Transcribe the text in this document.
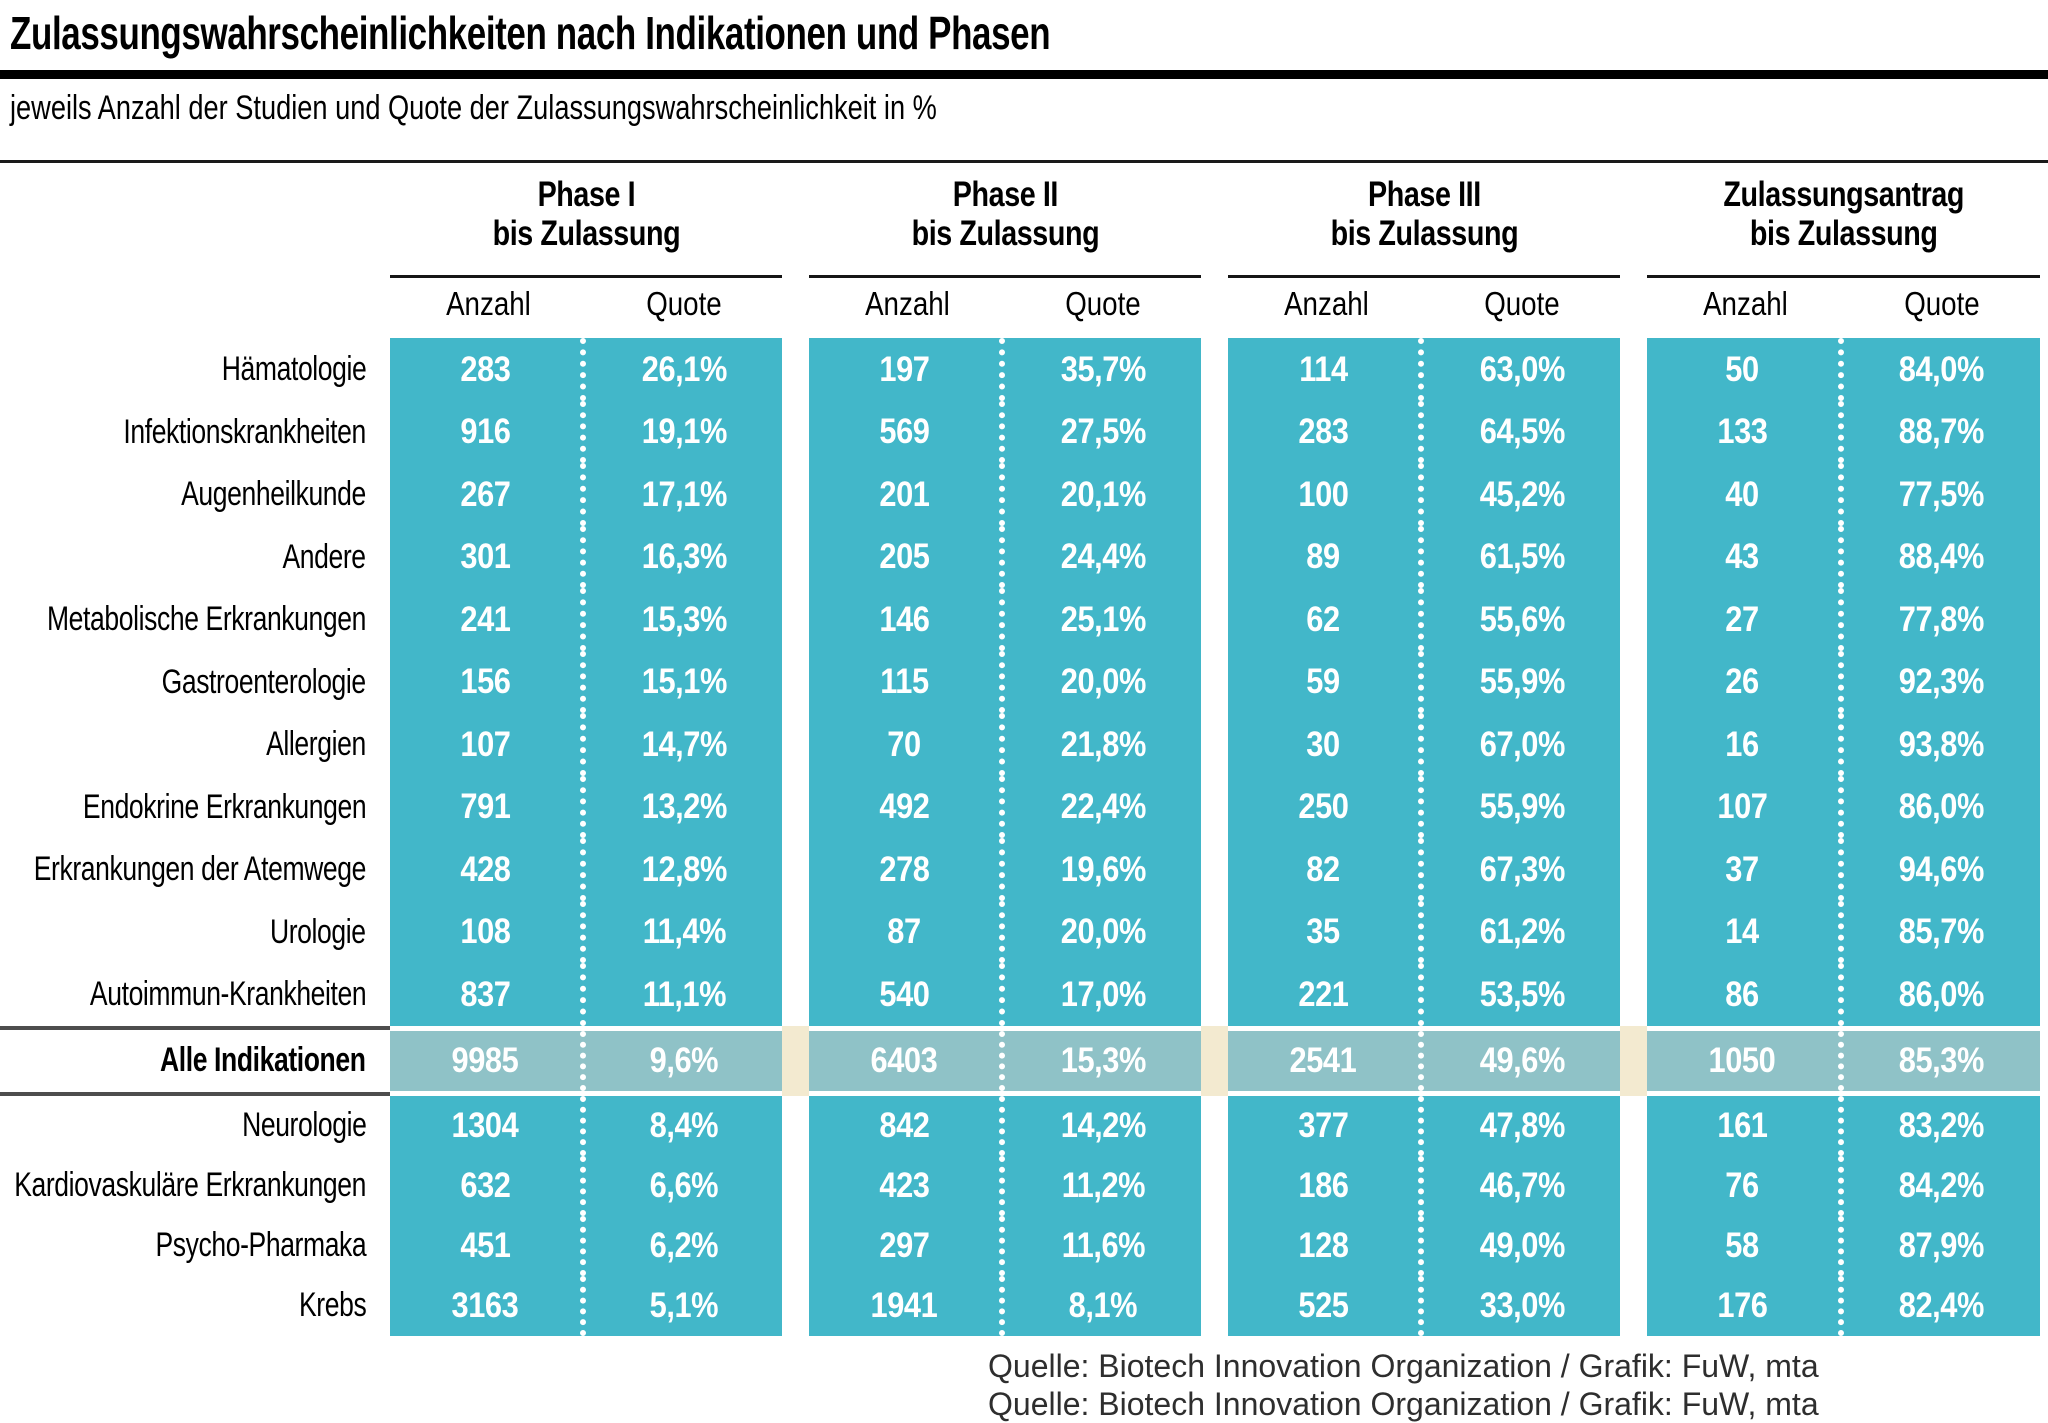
Zulassungswahrscheinlichkeiten nach Indikationen und Phasen
jeweils Anzahl der Studien und Quote der Zulassungswahrscheinlichkeit in %
Phase I
bis Zulassung
Phase II
bis Zulassung
Phase III
bis Zulassung
Zulassungsantrag
bis Zulassung
Anzahl	Quote	Anzahl	Quote	Anzahl	Quote	Anzahl	Quote
Hämatologie	283	26,1%	197	35,7%	114	63,0%	50	84,0%
Infektionskrankheiten	916	19,1%	569	27,5%	283	64,5%	133	88,7%
Augenheilkunde	267	17,1%	201	20,1%	100	45,2%	40	77,5%
Andere	301	16,3%	205	24,4%	89	61,5%	43	88,4%
Metabolische Erkrankungen	241	15,3%	146	25,1%	62	55,6%	27	77,8%
Gastroenterologie	156	15,1%	115	20,0%	59	55,9%	26	92,3%
Allergien	107	14,7%	70	21,8%	30	67,0%	16	93,8%
Endokrine Erkrankungen	791	13,2%	492	22,4%	250	55,9%	107	86,0%
Erkrankungen der Atemwege	428	12,8%	278	19,6%	82	67,3%	37	94,6%
Urologie	108	11,4%	87	20,0%	35	61,2%	14	85,7%
Autoimmun-Krankheiten	837	11,1%	540	17,0%	221	53,5%	86	86,0%
Alle Indikationen 9985	9,6%	6403	15,3%	2541	49,6%	1050	85,3%
Neurologie 1304	8,4%	842	14,2%	377	47,8%	161	83,2%
Kardiovaskuläre Erkrankungen	632	6,6%	423	11,2%	186	46,7%	76	84,2%
Psycho-Pharmaka	451	6,2%	297	11,6%	128	49,0%	58	87,9%
Krebs 3163	5,1%	1941	8,1%	525	33,0%	176	82,4%
Quelle: Biotech Innovation Organization / Grafik: FuW, mta
Quelle: Biotech Innovation Organization / Grafik: FuW, mta
